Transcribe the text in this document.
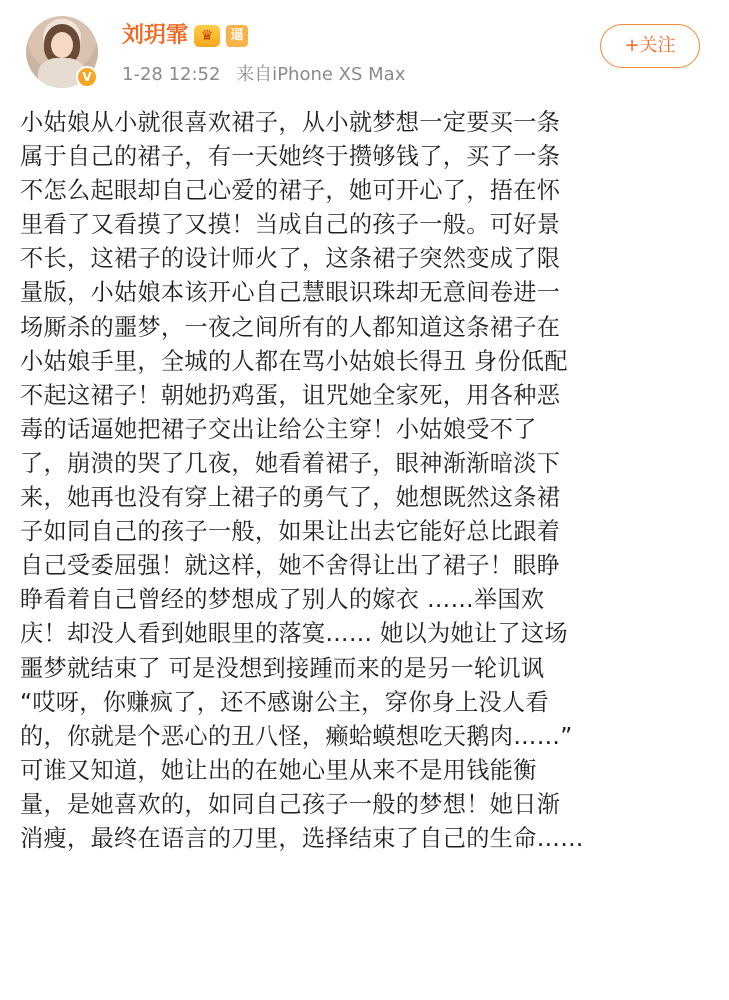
V
刘玥霏 ♛	逼
1-28 12:52 来自iPhone XS Max
+关注
小姑娘从小就很喜欢裙子，从小就梦想一定要买一条
属于自己的裙子，有一天她终于攒够钱了，买了一条
不怎么起眼却自己心爱的裙子，她可开心了，捂在怀
里看了又看摸了又摸！当成自己的孩子一般。可好景
不长，这裙子的设计师火了，这条裙子突然变成了限
量版，小姑娘本该开心自己慧眼识珠却无意间卷进一
场厮杀的噩梦，一夜之间所有的人都知道这条裙子在
小姑娘手里，全城的人都在骂小姑娘长得丑 身份低配
不起这裙子！朝她扔鸡蛋，诅咒她全家死，用各种恶
毒的话逼她把裙子交出让给公主穿！小姑娘受不了
了，崩溃的哭了几夜，她看着裙子，眼神渐渐暗淡下
来，她再也没有穿上裙子的勇气了，她想既然这条裙
子如同自己的孩子一般，如果让出去它能好总比跟着
自己受委屈强！就这样，她不舍得让出了裙子！眼睁
睁看着自己曾经的梦想成了别人的嫁衣 ……举国欢
庆！却没人看到她眼里的落寞…… 她以为她让了这场
噩梦就结束了 可是没想到接踵而来的是另一轮讥讽
“哎呀，你赚疯了，还不感谢公主，穿你身上没人看
的，你就是个恶心的丑八怪，癞蛤蟆想吃天鹅肉……”
可谁又知道，她让出的在她心里从来不是用钱能衡
量，是她喜欢的，如同自己孩子一般的梦想！她日渐
消瘦，最终在语言的刀里，选择结束了自己的生命……
